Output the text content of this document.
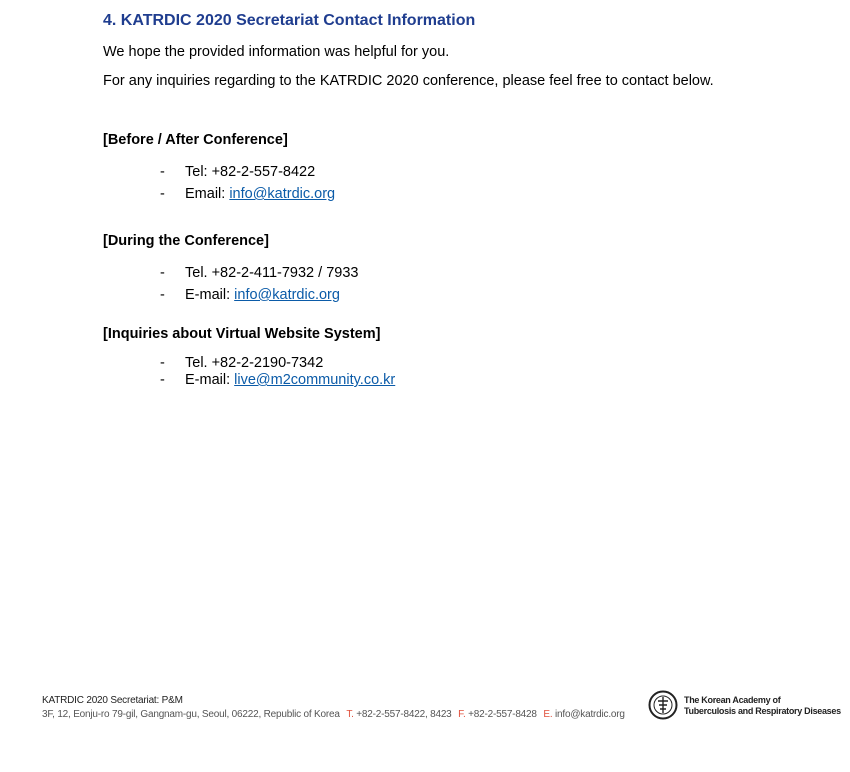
4. KATRDIC 2020 Secretariat Contact Information
We hope the provided information was helpful for you.
For any inquiries regarding to the KATRDIC 2020 conference, please feel free to contact below.
[Before / After Conference]
-	Tel: +82-2-557-8422
-	Email:
info@katrdic.org
[During the Conference]
-	Tel. +82-2-411-7932 / 7933
-	E-mail:
info@katrdic.org
[Inquiries about Virtual Website System]
-	Tel. +82-2-2190-7342
-	E-mail:
live@m2community.co.kr
KATRDIC 2020 Secretariat: P&M
3F, 12, Eonju-ro 79-gil, Gangnam-gu, Seoul, 06222, Republic of Korea T. +82-2-557-8422, 8423 F. +82-2-557-8428 E. info@katrdic.org
The Korean Academy of
Tuberculosis and Respiratory Diseases
